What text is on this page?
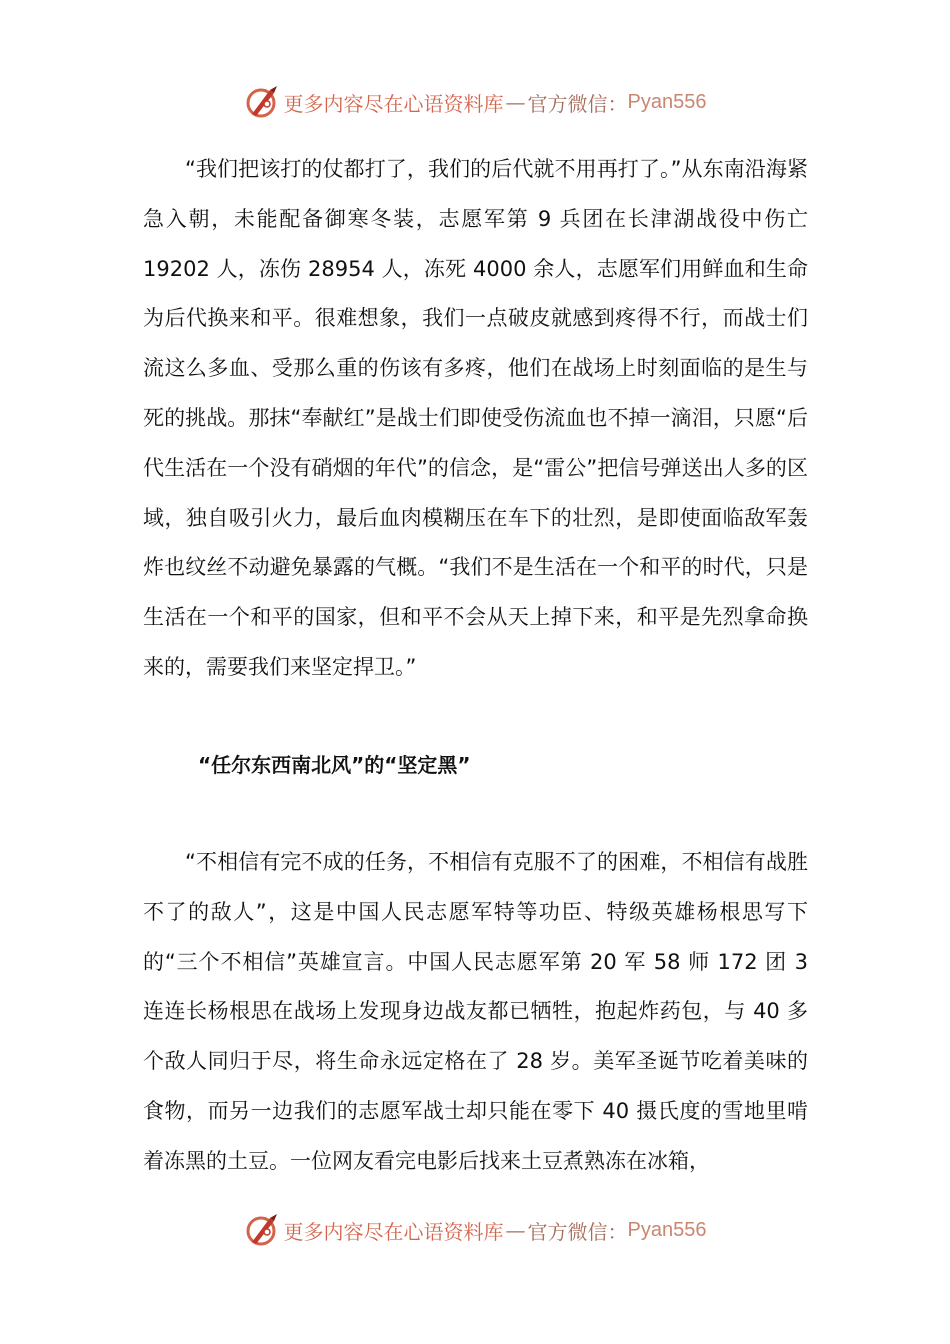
更多内容尽在心语资料库 — 官方微信： Pyan556

“我们把该打的仗都打了，我们的后代就不用再打了。”从东南沿海紧急入朝，未能配备御寒冬装，志愿军第 9 兵团在长津湖战役中伤亡 19202 人，冻伤 28954 人，冻死 4000 余人，志愿军们用鲜血和生命为后代换来和平。很难想象，我们一点破皮就感到疼得不行，而战士们流这么多血、受那么重的伤该有多疼，他们在战场上时刻面临的是生与死的挑战。那抹“奉献红”是战士们即使受伤流血也不掉一滴泪，只愿“后代生活在一个没有硝烟的年代”的信念，是“雷公”把信号弹送出人多的区域，独自吸引火力，最后血肉模糊压在车下的壮烈，是即使面临敌军轰炸也纹丝不动避免暴露的气概。“我们不是生活在一个和平的时代，只是生活在一个和平的国家，但和平不会从天上掉下来，和平是先烈拿命换来的，需要我们来坚定捍卫。”

“任尔东西南北风”的“坚定黑”

“不相信有完不成的任务，不相信有克服不了的困难，不相信有战胜不了的敌人”，这是中国人民志愿军特等功臣、特级英雄杨根思写下的“三个不相信”英雄宣言。中国人民志愿军第 20 军 58 师 172 团 3 连连长杨根思在战场上发现身边战友都已牺牲，抱起炸药包，与 40 多个敌人同归于尽，将生命永远定格在了 28 岁。美军圣诞节吃着美味的食物，而另一边我们的志愿军战士却只能在零下 40 摄氏度的雪地里啃着冻黑的土豆。一位网友看完电影后找来土豆煮熟冻在冰箱，

更多内容尽在心语资料库 — 官方微信： Pyan556
